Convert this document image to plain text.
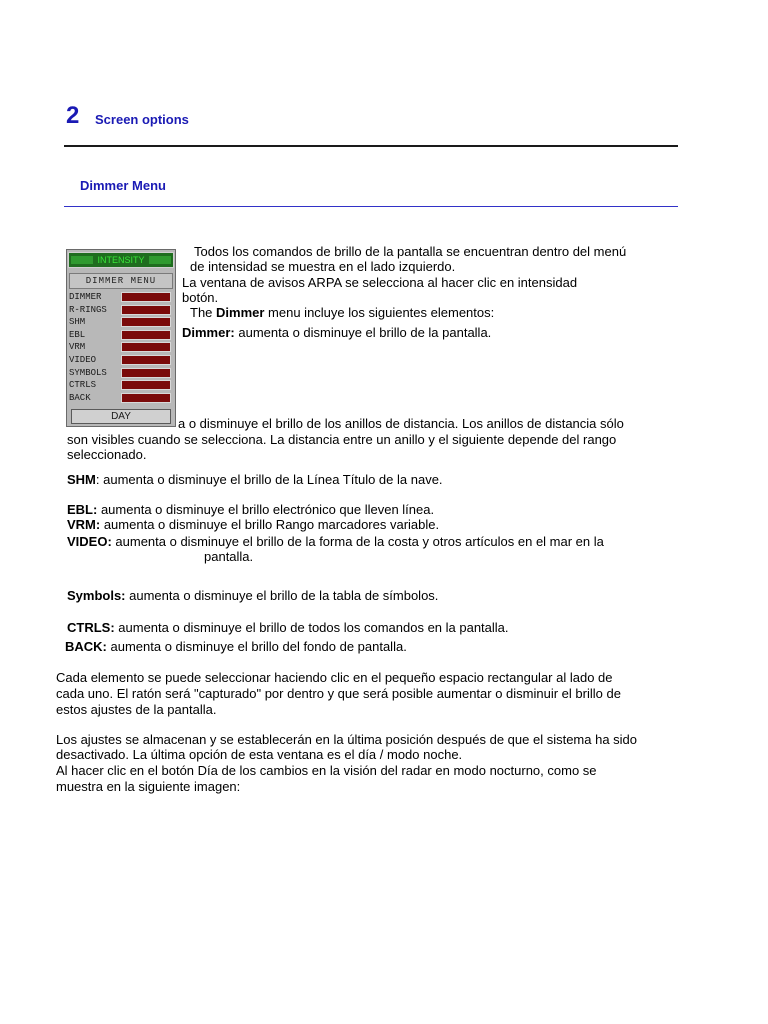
2 Screen options
Dimmer Menu
Todos los comandos de brillo de la pantalla se encuentran dentro del menú
de intensidad se muestra en el lado izquierdo.
La ventana de avisos ARPA se selecciona al hacer clic en intensidad
botón.
The Dimmer menu incluye los siguientes elementos:
Dimmer: aumenta o disminuye el brillo de la pantalla.
a o disminuye el brillo de los anillos de distancia. Los anillos de distancia sólo
son visibles cuando se selecciona. La distancia entre un anillo y el siguiente depende del rango
seleccionado.
INTENSITY
DIMMER MENU
DIMMER
R-RINGS
SHM
EBL
VRM
VIDEO
SYMBOLS
CTRLS
BACK
DAY
SHM: aumenta o disminuye el brillo de la Línea Título de la nave.
EBL: aumenta o disminuye el brillo electrónico que lleven línea.
VRM: aumenta o disminuye el brillo Rango marcadores variable.
VIDEO: aumenta o disminuye el brillo de la forma de la costa y otros artículos en el mar en la
pantalla.
Symbols: aumenta o disminuye el brillo de la tabla de símbolos.
CTRLS: aumenta o disminuye el brillo de todos los comandos en la pantalla.
BACK: aumenta o disminuye el brillo del fondo de pantalla.
Cada elemento se puede seleccionar haciendo clic en el pequeño espacio rectangular al lado de
cada uno. El ratón será "capturado" por dentro y que será posible aumentar o disminuir el brillo de
estos ajustes de la pantalla.
Los ajustes se almacenan y se establecerán en la última posición después de que el sistema ha sido
desactivado. La última opción de esta ventana es el día / modo noche.
Al hacer clic en el botón Día de los cambios en la visión del radar en modo nocturno, como se
muestra en la siguiente imagen:
